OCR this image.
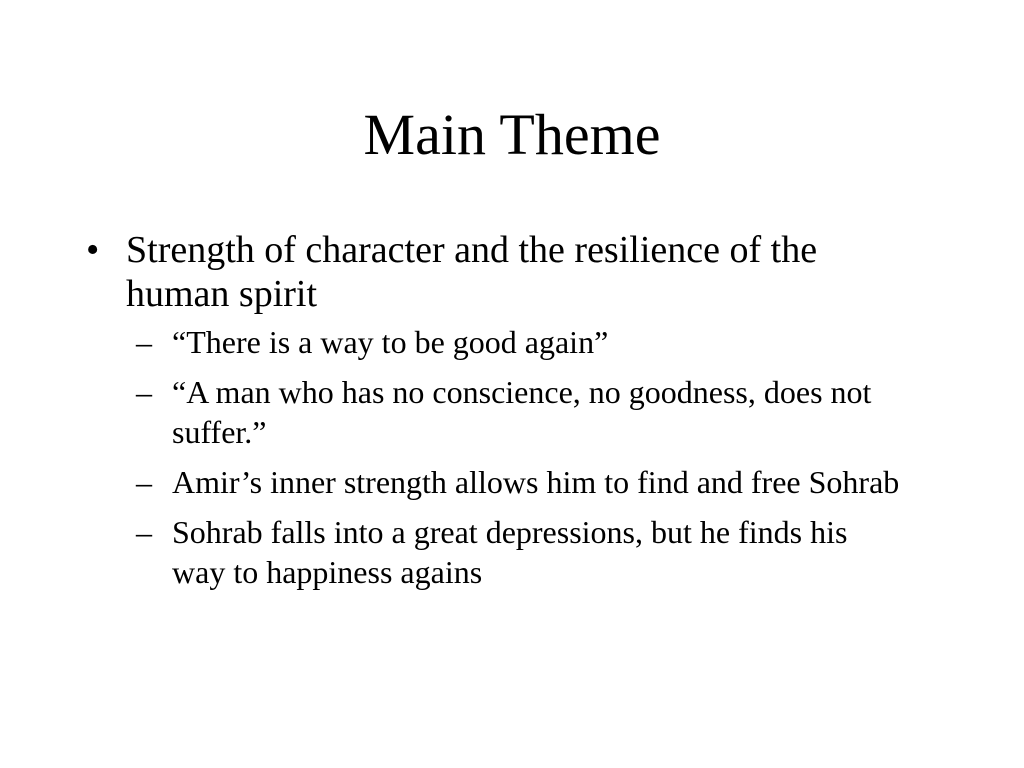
Main Theme
• Strength of character and the resilience of the human spirit
– “There is a way to be good again”
– “A man who has no conscience, no goodness, does not suffer.”
– Amir’s inner strength allows him to find and free Sohrab
– Sohrab falls into a great depressions, but he finds his way to happiness agains
